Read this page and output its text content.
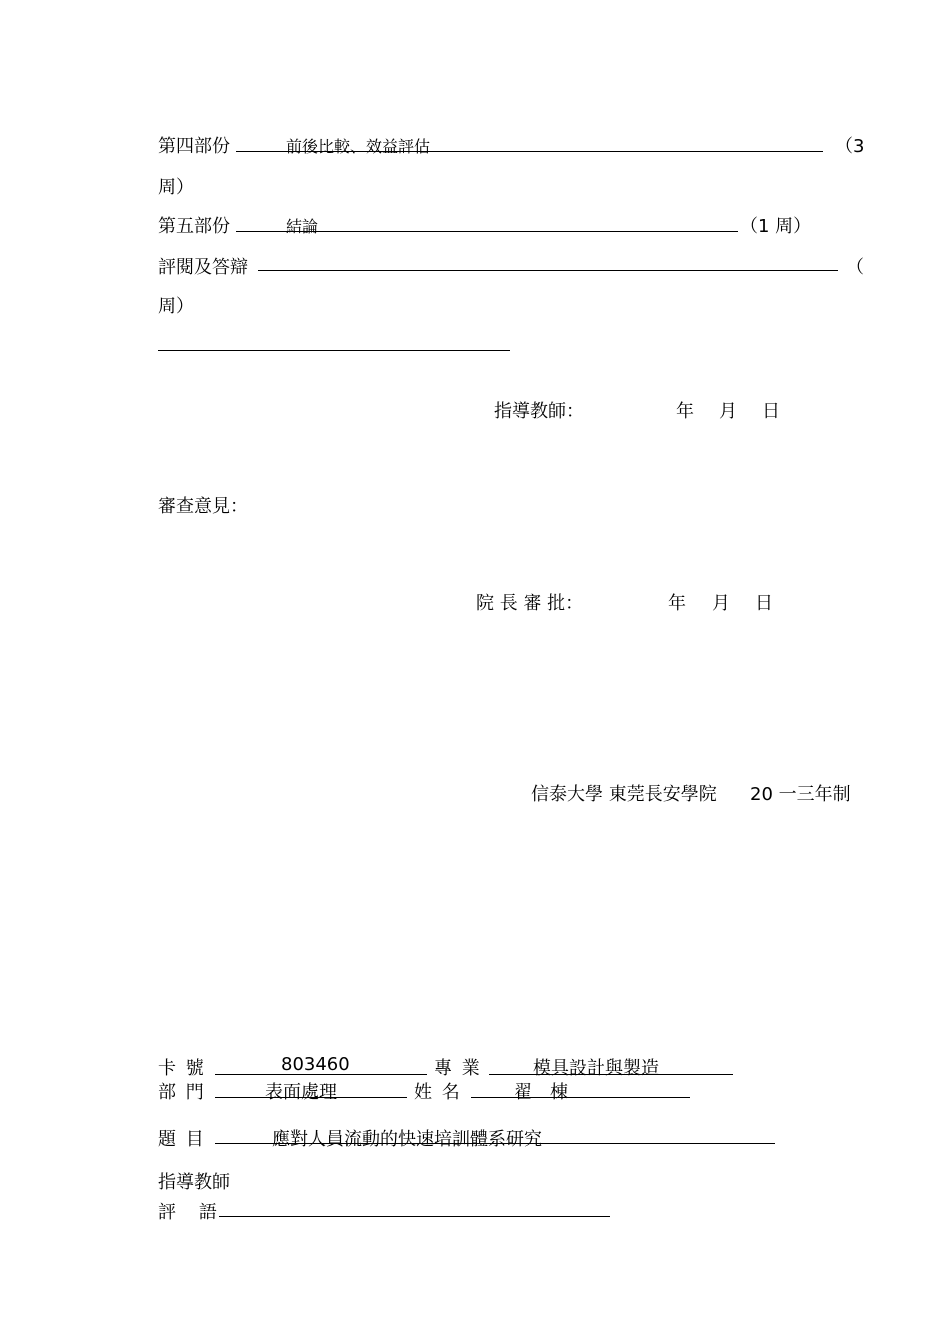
第四部份	前後比較、效益評估	（3
周）
第五部份	結論	（1 周）
評閱及答辯	（
周）
指導教師：	年 月 日
審查意見：
院 長 審 批：	年 月 日
信泰大學 東莞長安學院 20 一三年制
卡 號	803460	專 業	模具設計與製造
部 門	表面處理	姓 名	翟    棟
題 目	應對人員流動的快速培訓體系研究
指導教師
評    語
